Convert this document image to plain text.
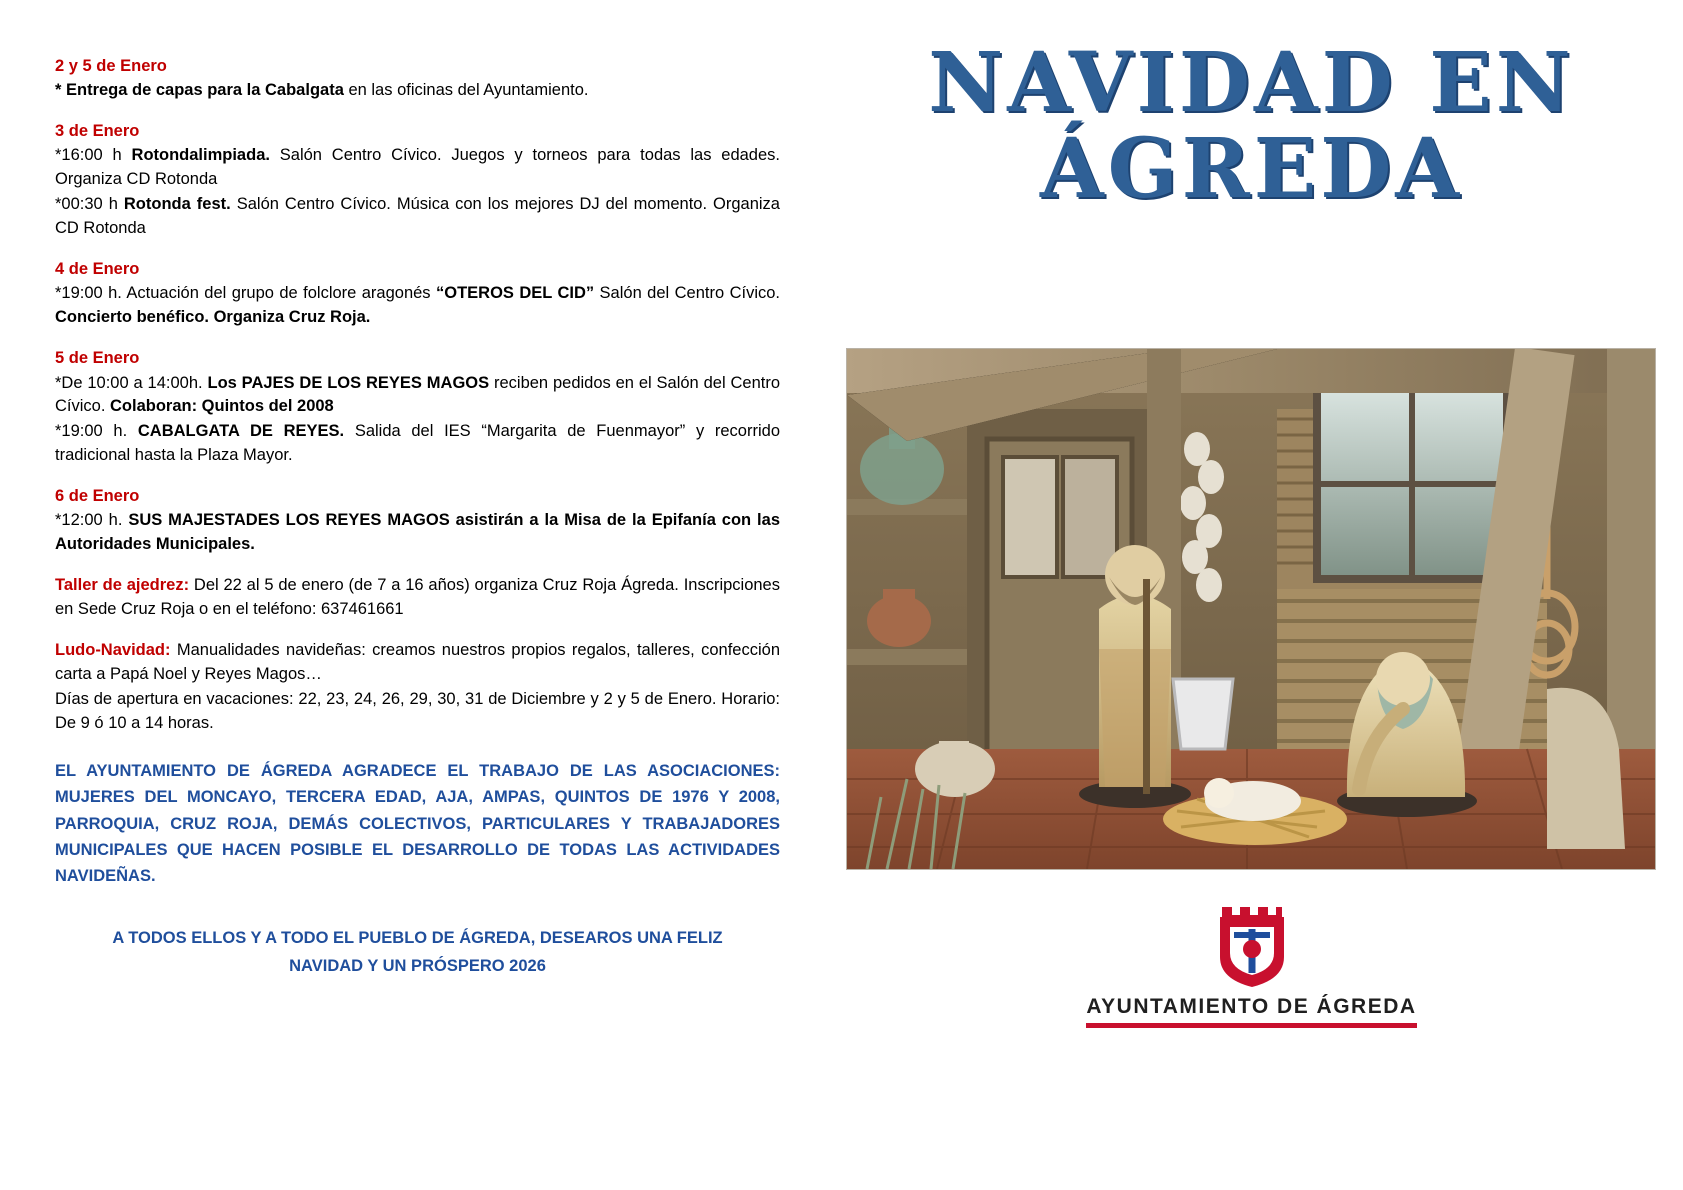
2 y 5 de Enero

* Entrega de capas para la Cabalgata en las oficinas del Ayuntamiento.

3 de Enero

*16:00 h Rotondalimpiada. Salón Centro Cívico. Juegos y torneos para todas las edades. Organiza CD Rotonda

*00:30 h Rotonda fest. Salón Centro Cívico. Música con los mejores DJ del momento. Organiza CD Rotonda

4 de Enero

*19:00 h. Actuación del grupo de folclore aragonés “OTEROS DEL CID” Salón del Centro Cívico. Concierto benéfico. Organiza Cruz Roja.

5 de Enero

*De 10:00 a 14:00h. Los PAJES DE LOS REYES MAGOS reciben pedidos en el Salón del Centro Cívico. Colaboran: Quintos del 2008

*19:00 h. CABALGATA DE REYES. Salida del IES “Margarita de Fuenmayor” y recorrido tradicional hasta la Plaza Mayor.

6 de Enero

*12:00 h. SUS MAJESTADES LOS REYES MAGOS asistirán a la Misa de la Epifanía con las Autoridades Municipales.

Taller de ajedrez: Del 22 al 5 de enero (de 7 a 16 años) organiza Cruz Roja Ágreda. Inscripciones en Sede Cruz Roja o en el teléfono: 637461661

Ludo-Navidad: Manualidades navideñas: creamos nuestros propios regalos, talleres, confección carta a Papá Noel y Reyes Magos…

Días de apertura en vacaciones: 22, 23, 24, 26, 29, 30, 31 de Diciembre y 2 y 5 de Enero. Horario: De 9 ó 10 a 14 horas.

EL AYUNTAMIENTO DE ÁGREDA AGRADECE EL TRABAJO DE LAS ASOCIACIONES: MUJERES DEL MONCAYO, TERCERA EDAD, AJA, AMPAS, QUINTOS DE 1976 Y 2008, PARROQUIA, CRUZ ROJA, DEMÁS COLECTIVOS, PARTICULARES Y TRABAJADORES MUNICIPALES QUE HACEN POSIBLE EL DESARROLLO DE TODAS LAS ACTIVIDADES NAVIDEÑAS.
A TODOS ELLOS Y A TODO EL PUEBLO DE ÁGREDA, DESEAROS UNA FELIZ NAVIDAD Y UN PRÓSPERO 2026
NAVIDAD EN
ÁGREDA
AYUNTAMIENTO DE ÁGREDA
